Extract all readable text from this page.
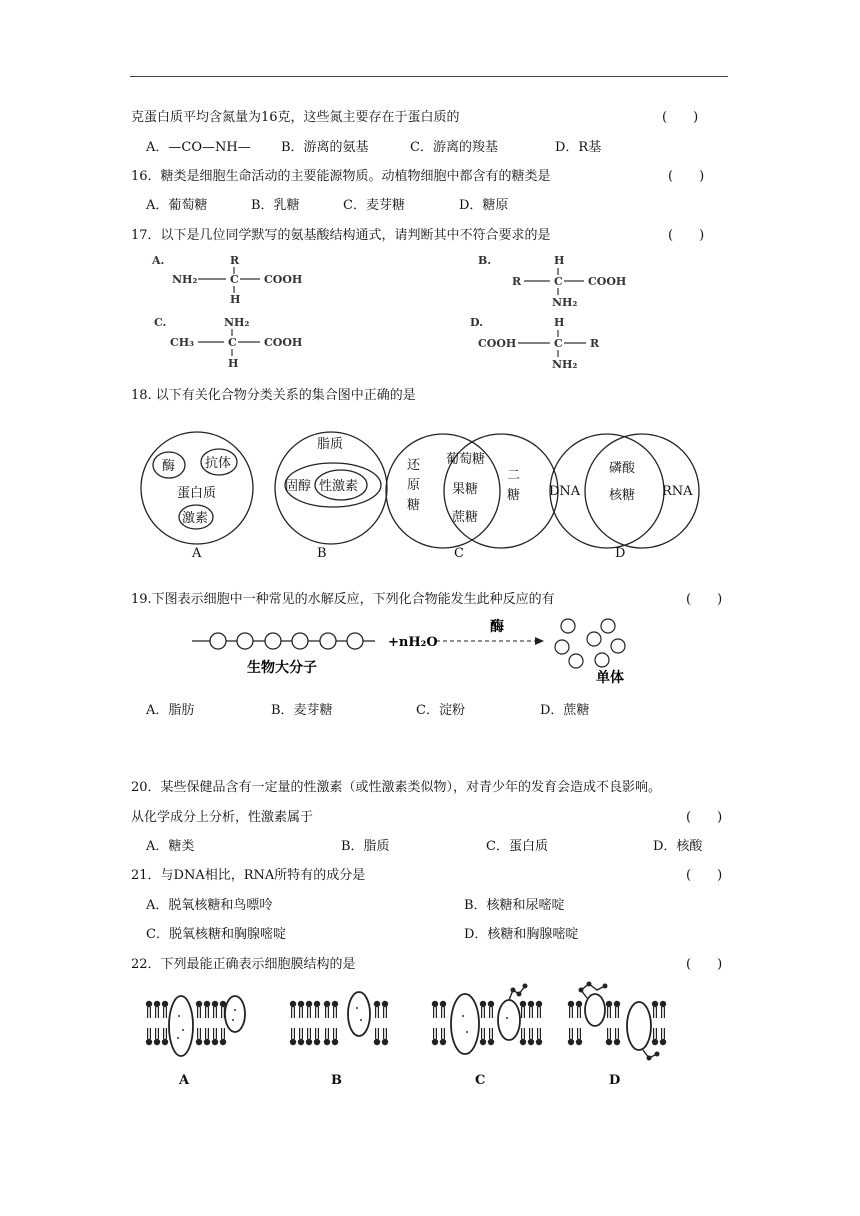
克蛋白质平均含氮量为16克，这些氮主要存在于蛋白质的	(　　)
A．—CO—NH— B．游离的氨基	C．游离的羧基	D．R基
16．糖类是细胞生命活动的主要能源物质。动植物细胞中都含有的糖类是	(　　)
A．葡萄糖	B．乳糖	C．麦芽糖	D．糖原
17．以下是几位同学默写的氨基酸结构通式，请判断其中不符合要求的是	(　　)
A.	R
NH₂	C COOH
H
B.	H
R	C COOH
NH₂
C.	NH₂
CH₃	C COOH
H
D.	H
COOH	C R
NH₂
18. 以下有关化合物分类关系的集合图中正确的是
酶 抗体
蛋白质
激素
A
脂质
固醇 性激素
B	C
葡萄糖
果糖
蔗糖
DNA
磷酸
核糖 RNA
D
还原糖
二糖
19.下图表示细胞中一种常见的水解反应，下列化合物能发生此种反应的有	(　　)
+nH₂O
酶
生物大分子
单体
A．脂肪	B．麦芽糖	C．淀粉	D．蔗糖
20．某些保健品含有一定量的性激素（或性激素类似物），对青少年的发育会造成不良影响。
从化学成分上分析，性激素属于	(　　)
A．糖类	B．脂质	C．蛋白质	D．核酸
21．与DNA相比，RNA所特有的成分是	(　　)
A．脱氧核糖和鸟嘌呤	B．核糖和尿嘧啶
C．脱氧核糖和胸腺嘧啶	D．核糖和胸腺嘧啶
22．下列最能正确表示细胞膜结构的是	(　　)
A	B	C	D
